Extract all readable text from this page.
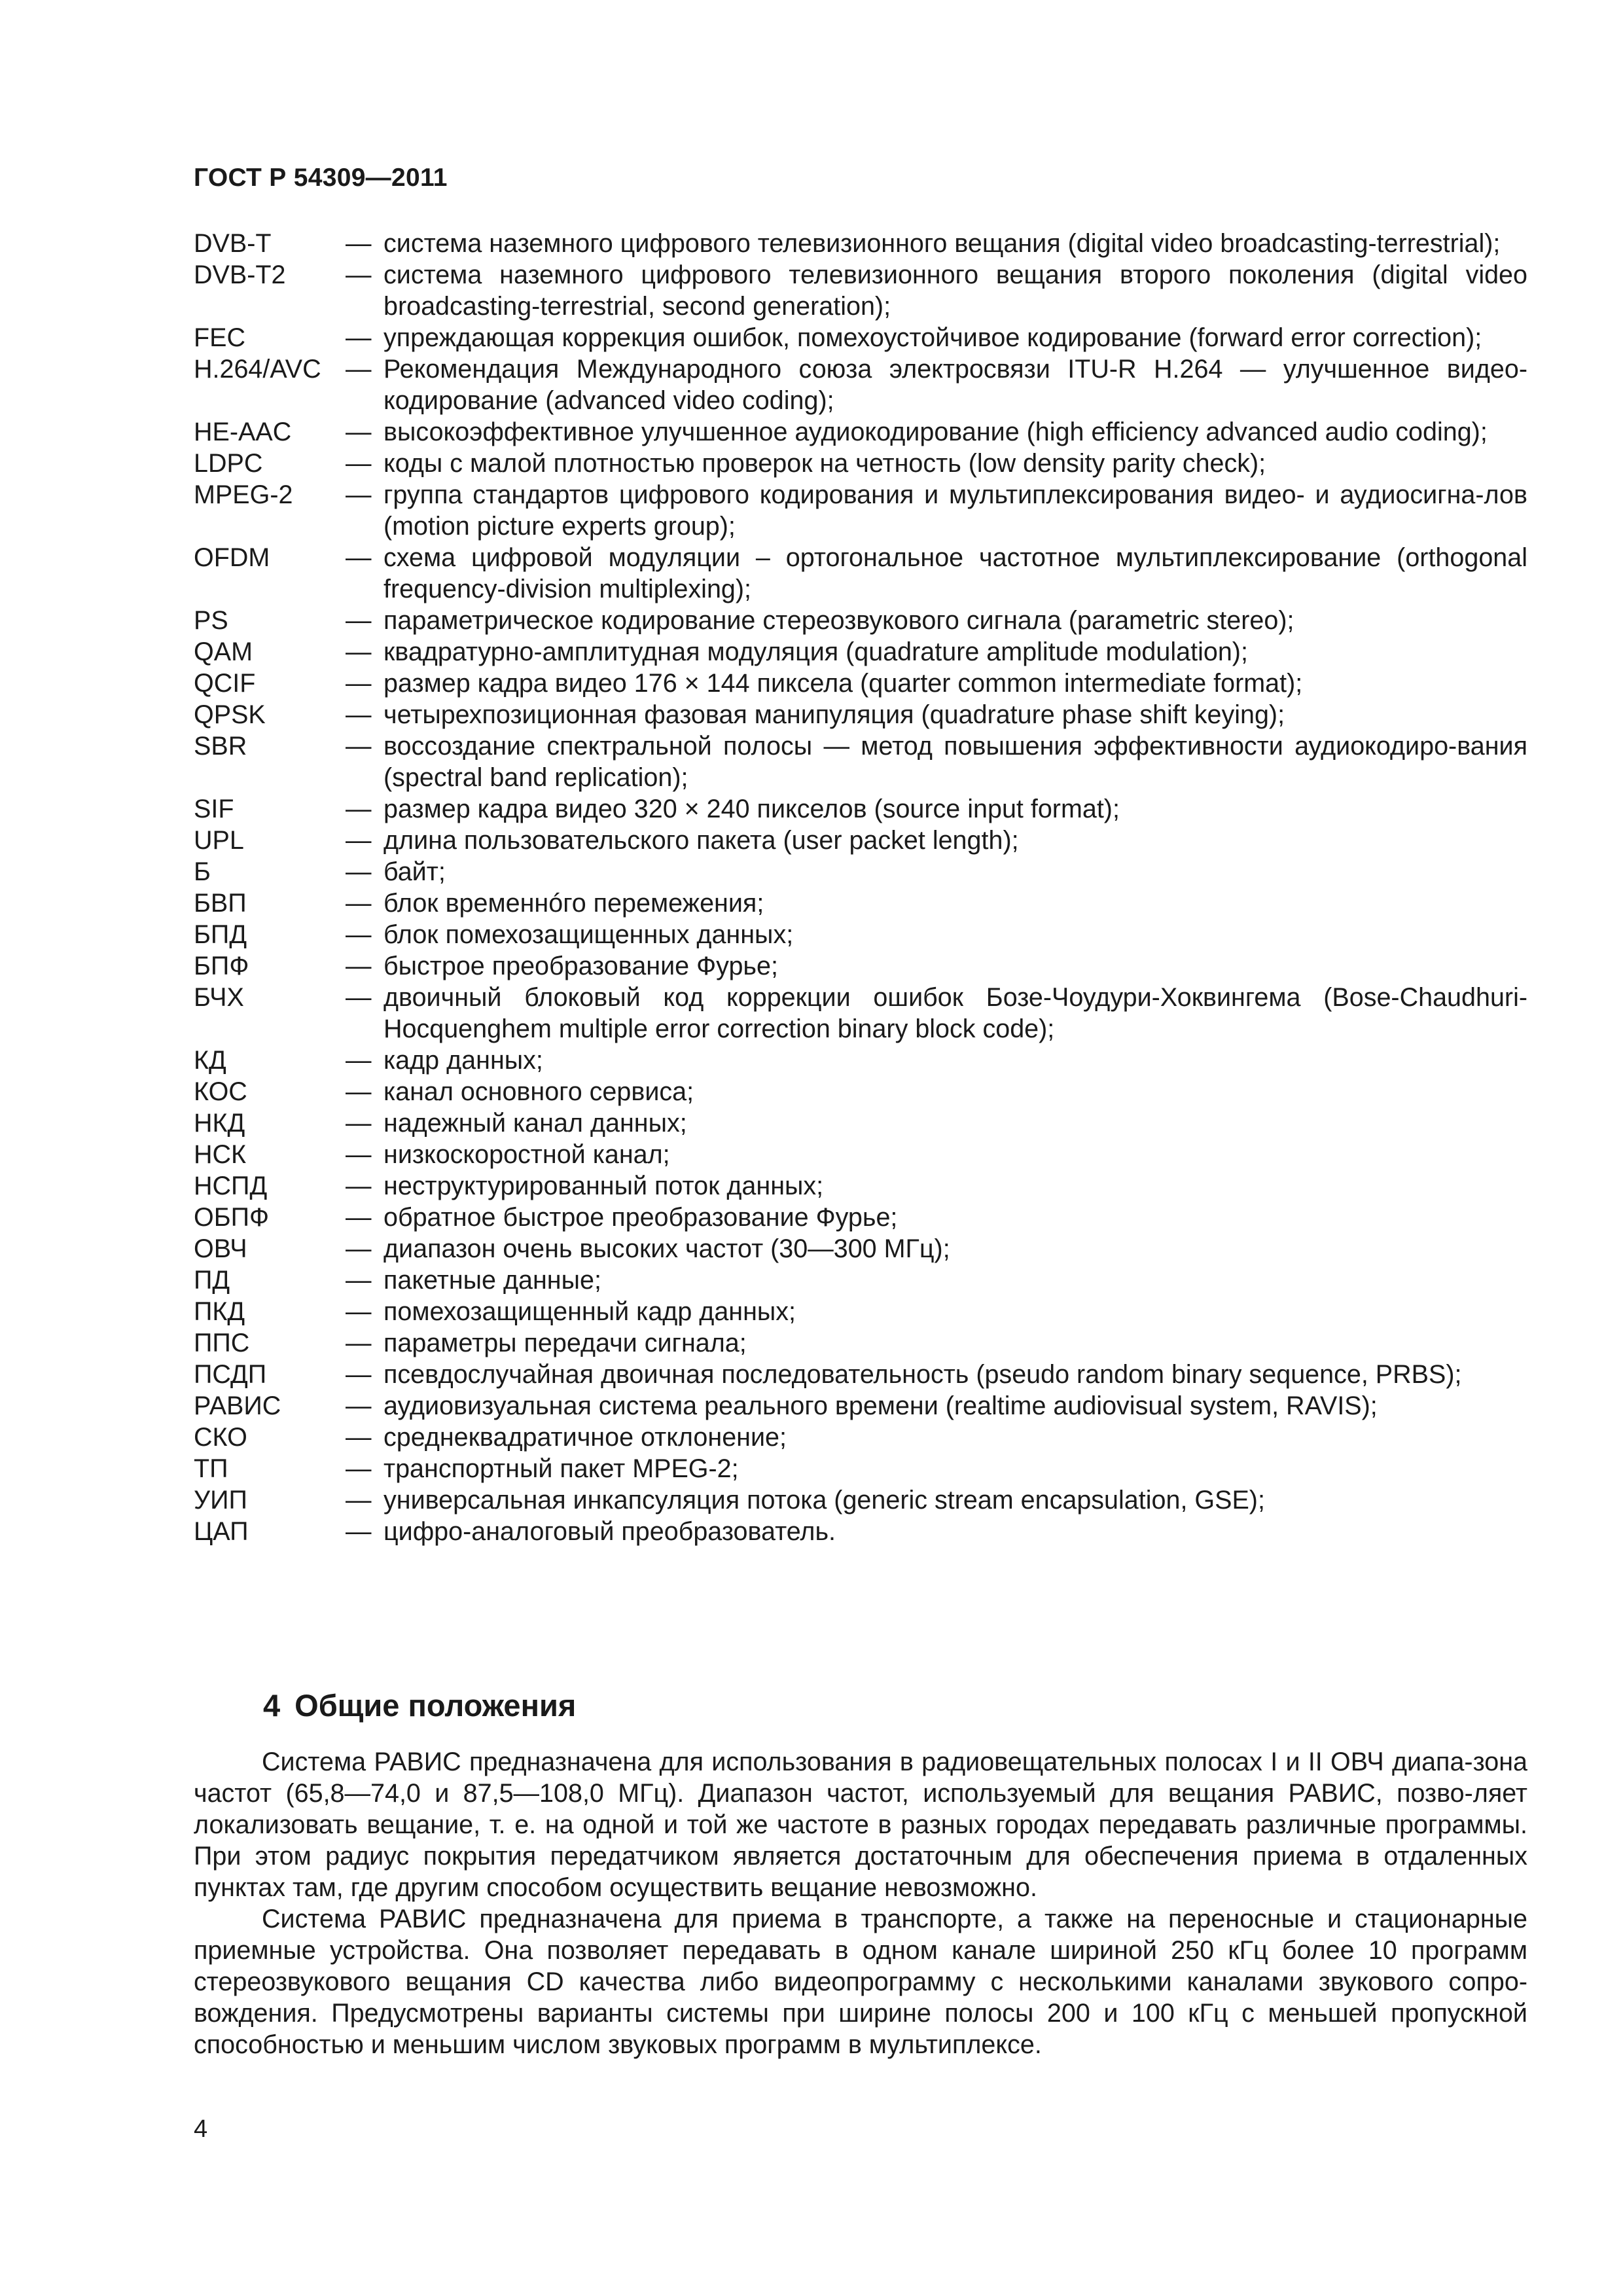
ГОСТ Р 54309—2011
DVB-T	— система наземного цифрового телевизионного вещания (digital video broadcasting-terrestrial);
DVB-T2	— система наземного цифрового телевизионного вещания второго поколения (digital video broadcasting-terrestrial, second generation);
FEC	— упреждающая коррекция ошибок, помехоустойчивое кодирование (forward error correction);
H.264/AVC — Рекомендация Международного союза электросвязи ITU-R H.264 — улучшенное видео-кодирование (advanced video coding);
HE-AAC	— высокоэффективное улучшенное аудиокодирование (high efficiency advanced audio coding);
LDPC	— коды с малой плотностью проверок на четность (low density parity check);
MPEG-2	— группа стандартов цифрового кодирования и мультиплексирования видео- и аудиосигна-лов (motion picture experts group);
OFDM	— схема цифровой модуляции – ортогональное частотное мультиплексирование (orthogonal frequency-division multiplexing);
PS	— параметрическое кодирование стереозвукового сигнала (parametric stereo);
QAM	— квадратурно-амплитудная модуляция (quadrature amplitude modulation);
QCIF	— размер кадра видео 176 × 144 пиксела (quarter common intermediate format);
QPSK	— четырехпозиционная фазовая манипуляция (quadrature phase shift keying);
SBR	— воссоздание спектральной полосы — метод повышения эффективности аудиокодиро-вания (spectral band replication);
SIF	— размер кадра видео 320 × 240 пикселов (source input format);
UPL	— длина пользовательского пакета (user packet length);
Б	— байт;
БВП	— блок временнóго перемежения;
БПД	— блок помехозащищенных данных;
БПФ	— быстрое преобразование Фурье;
БЧХ	— двоичный блоковый код коррекции ошибок Бозе-Чоудури-Хоквингема (Bose-Chaudhuri-Hocquenghem multiple error correction binary block code);
КД	— кадр данных;
КОС	— канал основного сервиса;
НКД	— надежный канал данных;
НСК	— низкоскоростной канал;
НСПД	— неструктурированный поток данных;
ОБПФ	— обратное быстрое преобразование Фурье;
ОВЧ	— диапазон очень высоких частот (30—300 МГц);
ПД	— пакетные данные;
ПКД	— помехозащищенный кадр данных;
ППС	— параметры передачи сигнала;
ПСДП	— псевдослучайная двоичная последовательность (pseudo random binary sequence, PRBS);
РАВИС	— аудиовизуальная система реального времени (realtime audiovisual system, RAVIS);
СКО	— среднеквадратичное отклонение;
ТП	— транспортный пакет MPEG-2;
УИП	— универсальная инкапсуляция потока (generic stream encapsulation, GSE);
ЦАП	— цифро-аналоговый преобразователь.
4 Общие положения

Система РАВИС предназначена для использования в радиовещательных полосах I и II ОВЧ диапа-зона частот (65,8—74,0 и 87,5—108,0 МГц). Диапазон частот, используемый для вещания РАВИС, позво-ляет локализовать вещание, т. е. на одной и той же частоте в разных городах передавать различные программы. При этом радиус покрытия передатчиком является достаточным для обеспечения приема в отдаленных пунктах там, где другим способом осуществить вещание невозможно.

Система РАВИС предназначена для приема в транспорте, а также на переносные и стационарные приемные устройства. Она позволяет передавать в одном канале шириной 250 кГц более 10 программ стереозвукового вещания CD качества либо видеопрограмму с несколькими каналами звукового сопро-вождения. Предусмотрены варианты системы при ширине полосы 200 и 100 кГц с меньшей пропускной способностью и меньшим числом звуковых программ в мультиплексе.

4
